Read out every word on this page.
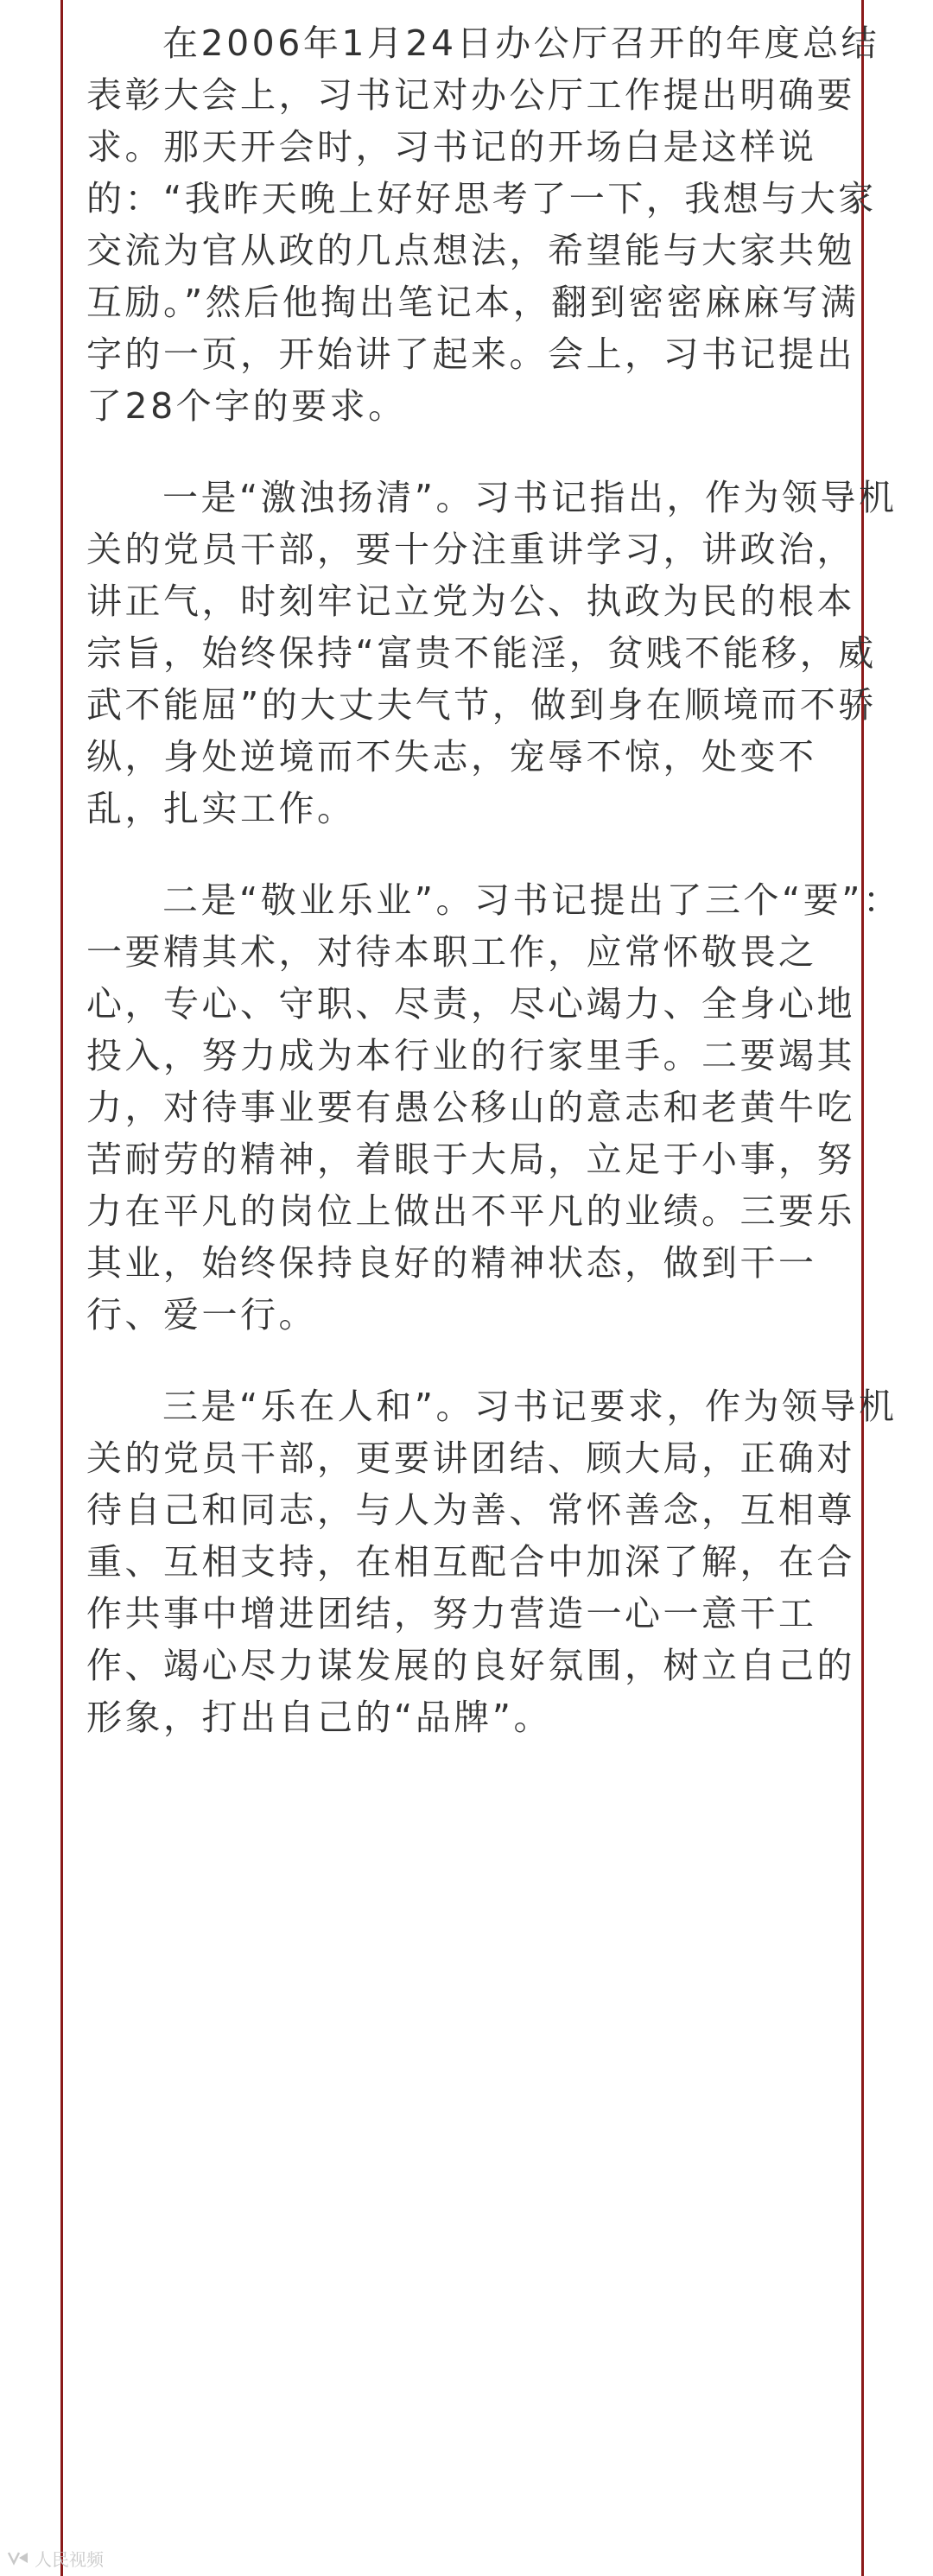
在2006年1月24日办公厅召开的年度总结
表彰大会上，习书记对办公厅工作提出明确要
求。那天开会时，习书记的开场白是这样说
的：“我昨天晚上好好思考了一下，我想与大家
交流为官从政的几点想法，希望能与大家共勉
互励。”然后他掏出笔记本，翻到密密麻麻写满
字的一页，开始讲了起来。会上，习书记提出
了28个字的要求。

一是“激浊扬清”。习书记指出，作为领导机
关的党员干部，要十分注重讲学习，讲政治，
讲正气，时刻牢记立党为公、执政为民的根本
宗旨，始终保持“富贵不能淫，贫贱不能移，威
武不能屈”的大丈夫气节，做到身在顺境而不骄
纵，身处逆境而不失志，宠辱不惊，处变不
乱，扎实工作。

二是“敬业乐业”。习书记提出了三个“要”：
一要精其术，对待本职工作，应常怀敬畏之
心，专心、守职、尽责，尽心竭力、全身心地
投入，努力成为本行业的行家里手。二要竭其
力，对待事业要有愚公移山的意志和老黄牛吃
苦耐劳的精神，着眼于大局，立足于小事，努
力在平凡的岗位上做出不平凡的业绩。三要乐
其业，始终保持良好的精神状态，做到干一
行、爱一行。

三是“乐在人和”。习书记要求，作为领导机
关的党员干部，更要讲团结、顾大局，正确对
待自己和同志，与人为善、常怀善念，互相尊
重、互相支持，在相互配合中加深了解，在合
作共事中增进团结，努力营造一心一意干工
作、竭心尽力谋发展的良好氛围，树立自己的
形象，打出自己的“品牌”。

人民视频
